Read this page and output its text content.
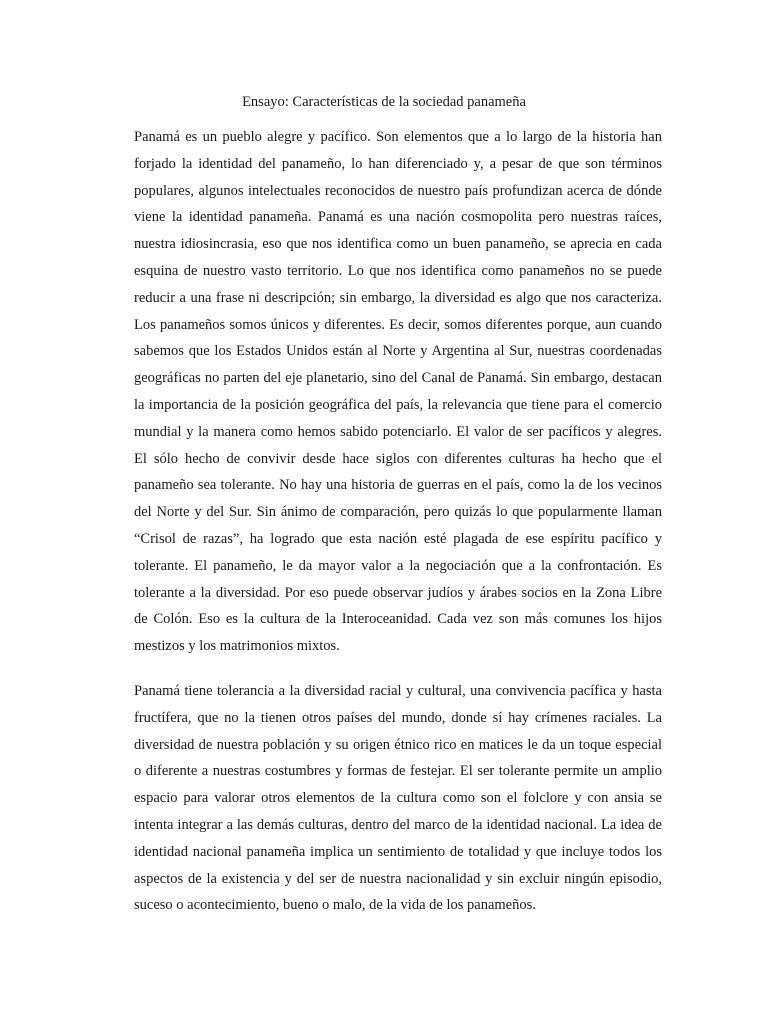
Ensayo: Características de la sociedad panameña

Panamá es un pueblo alegre y pacífico. Son elementos que a lo largo de la historia han forjado la identidad del panameño, lo han diferenciado y, a pesar de que son términos populares, algunos intelectuales reconocidos de nuestro país profundizan acerca de dónde viene la identidad panameña. Panamá es una nación cosmopolita pero nuestras raíces, nuestra idiosincrasia, eso que nos identifica como un buen panameño, se aprecia en cada esquina de nuestro vasto territorio. Lo que nos identifica como panameños no se puede reducir a una frase ni descripción; sin embargo, la diversidad es algo que nos caracteriza. Los panameños somos únicos y diferentes. Es decir, somos diferentes porque, aun cuando sabemos que los Estados Unidos están al Norte y Argentina al Sur, nuestras coordenadas geográficas no parten del eje planetario, sino del Canal de Panamá. Sin embargo, destacan la importancia de la posición geográfica del país, la relevancia que tiene para el comercio mundial y la manera como hemos sabido potenciarlo. El valor de ser pacíficos y alegres. El sólo hecho de convivir desde hace siglos con diferentes culturas ha hecho que el panameño sea tolerante. No hay una historia de guerras en el país, como la de los vecinos del Norte y del Sur. Sin ánimo de comparación, pero quizás lo que popularmente llaman “Crisol de razas”, ha logrado que esta nación esté plagada de ese espíritu pacífico y tolerante. El panameño, le da mayor valor a la negociación que a la confrontación. Es tolerante a la diversidad. Por eso puede observar judíos y árabes socios en la Zona Libre de Colón. Eso es la cultura de la Interoceanidad. Cada vez son más comunes los hijos mestizos y los matrimonios mixtos.

Panamá tiene tolerancia a la diversidad racial y cultural, una convivencia pacífica y hasta fructífera, que no la tienen otros países del mundo, donde sí hay crímenes raciales. La diversidad de nuestra población y su origen étnico rico en matices le da un toque especial o diferente a nuestras costumbres y formas de festejar. El ser tolerante permite un amplio espacio para valorar otros elementos de la cultura como son el folclore y con ansia se intenta integrar a las demás culturas, dentro del marco de la identidad nacional. La idea de identidad nacional panameña implica un sentimiento de totalidad y que incluye todos los aspectos de la existencia y del ser de nuestra nacionalidad y sin excluir ningún episodio, suceso o acontecimiento, bueno o malo, de la vida de los panameños.
